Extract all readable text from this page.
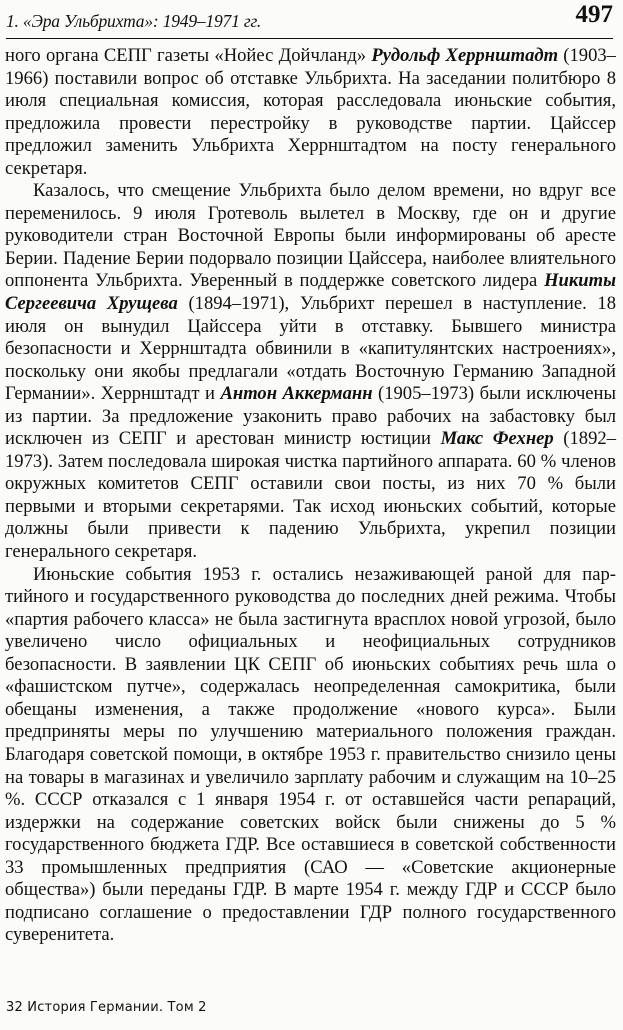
1. «Эра Ульбрихта»: 1949–1971 гг.	497

ного органа СЕПГ газеты «Нойес Дойчланд» Рудольф Херрнштадт (1903–1966) поставили вопрос об отставке Ульбрихта. На заседании политбюро 8 июля специальная комиссия, которая расследовала июньские события, предложила провести перестройку в руководстве партии. Цайссер предложил заменить Ульбрихта Херрнштадтом на посту генерального секретаря.

Казалось, что смещение Ульбрихта было делом времени, но вдруг все переменилось. 9 июля Гротеволь вылетел в Москву, где он и другие руководители стран Восточной Европы были информированы об аресте Берии. Падение Берии подорвало позиции Цайссера, наиболее влиятельного оппонента Ульбрихта. Уверенный в поддержке советского лидера Никиты Сергеевича Хрущева (1894–1971), Ульбрихт перешел в наступление. 18 июля он вынудил Цайссера уйти в отставку. Бывшего министра безопасности и Херрнштадта обвинили в «капитулянтских настроениях», поскольку они якобы предлагали «отдать Восточную Германию Западной Германии». Херрнштадт и Антон Аккерманн (1905–1973) были исключены из партии. За предложение узаконить право рабочих на забастовку был исключен из СЕПГ и арестован министр юстиции Макс Фехнер (1892–1973). Затем последовала широкая чистка партийного аппарата. 60 % членов окружных комитетов СЕПГ оставили свои посты, из них 70 % были первыми и вторыми секретарями. Так исход июньских событий, которые должны были привести к падению Ульбрихта, укрепил позиции генерального секретаря.

Июньские события 1953 г. остались незаживающей раной для партийного и государственного руководства до последних дней режима. Чтобы «партия рабочего класса» не была застигнута врасплох новой угрозой, было увеличено число официальных и неофициальных сотрудников безопасности. В заявлении ЦК СЕПГ об июньских событиях речь шла о «фашистском путче», содержалась неопределенная самокритика, были обещаны изменения, а также продолжение «нового курса». Были предприняты меры по улучшению материального положения граждан. Благодаря советской помощи, в октябре 1953 г. правительство снизило цены на товары в магазинах и увеличило зарплату рабочим и служащим на 10–25 %. СССР отказался с 1 января 1954 г. от оставшейся части репараций, издержки на содержание советских войск были снижены до 5 % государственного бюджета ГДР. Все оставшиеся в советской собственности 33 промышленных предприятия (САО — «Советские акционерные общества») были переданы ГДР. В марте 1954 г. между ГДР и СССР было подписано соглашение о предоставлении ГДР полного государственного суверенитета.

32 История Германии. Том 2
